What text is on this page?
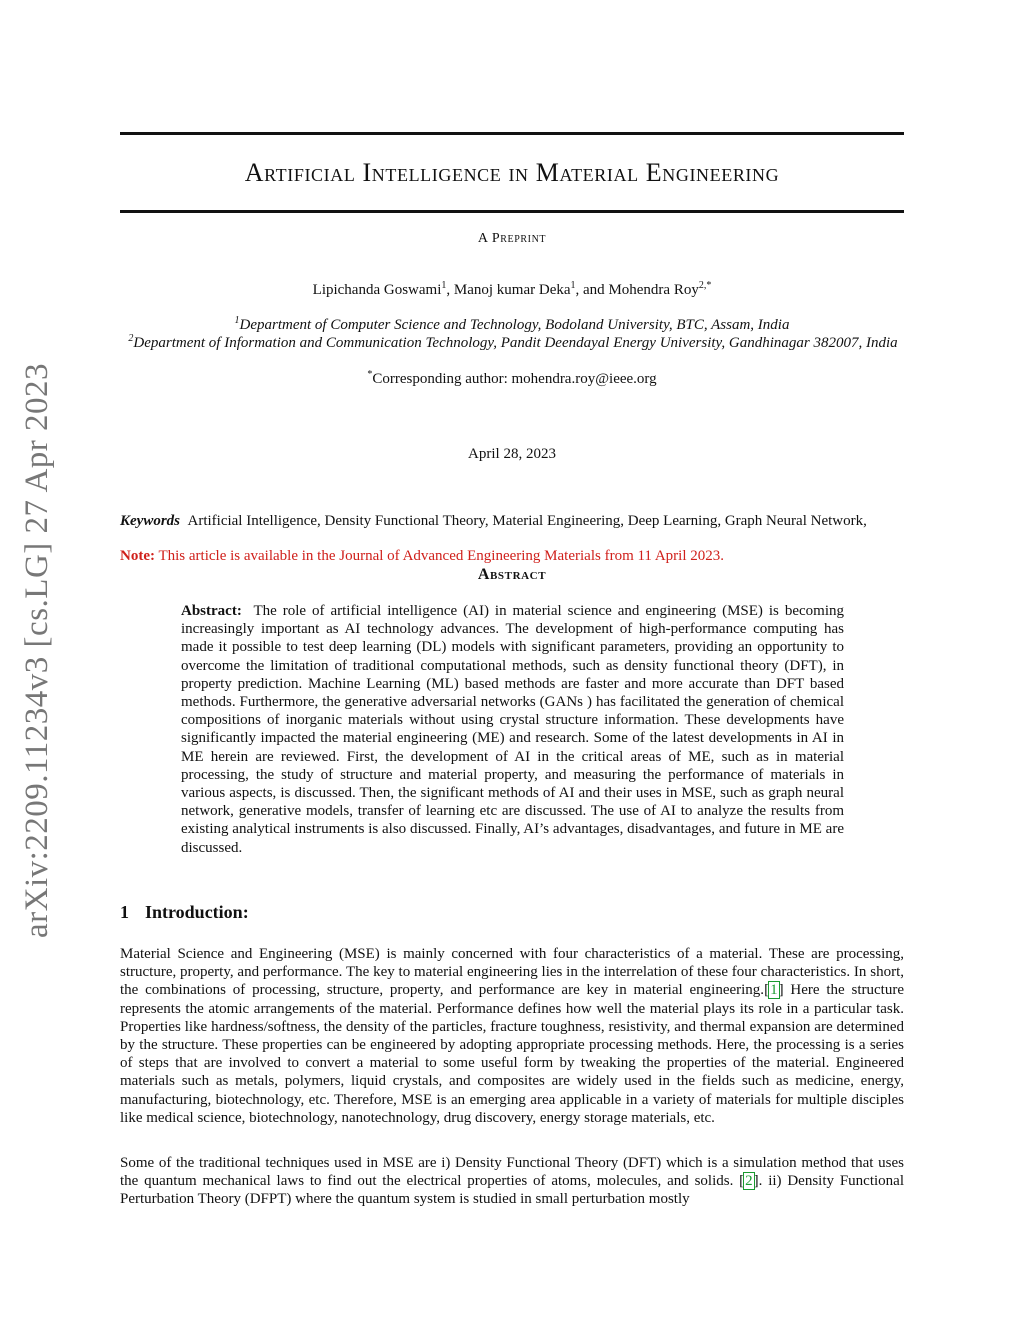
arXiv:2209.11234v3 [cs.LG] 27 Apr 2023
Artificial Intelligence in Material Engineering
A Preprint
Lipichanda Goswami$^1$, Manoj kumar Deka$^1$, and Mohendra Roy$^{2,*}$
$^1$Department of Computer Science and Technology, Bodoland University, BTC, Assam, India
$^2$Department of Information and Communication Technology, Pandit Deendayal Energy University, Gandhinagar 382007, India
*Corresponding author: mohendra.roy@ieee.org
April 28, 2023
Keywords Artificial Intelligence, Density Functional Theory, Material Engineering, Deep Learning, Graph Neural Network,
Note: This article is available in the Journal of Advanced Engineering Materials from 11 April 2023.
Abstract
Abstract: The role of artificial intelligence (AI) in material science and engineering (MSE) is becoming increasingly important as AI technology advances. The development of high-performance computing has made it possible to test deep learning (DL) models with significant parameters, providing an opportunity to overcome the limitation of traditional computational methods, such as density functional theory (DFT), in property prediction. Machine Learning (ML) based methods are faster and more accurate than DFT based methods. Furthermore, the generative adversarial networks (GANs ) has facilitated the generation of chemical compositions of inorganic materials without using crystal structure information. These developments have significantly impacted the material engineering (ME) and research. Some of the latest developments in AI in ME herein are reviewed. First, the development of AI in the critical areas of ME, such as in material processing, the study of structure and material property, and measuring the performance of materials in various aspects, is discussed. Then, the significant methods of AI and their uses in MSE, such as graph neural network, generative models, transfer of learning etc are discussed. The use of AI to analyze the results from existing analytical instruments is also discussed. Finally, AI’s advantages, disadvantages, and future in ME are discussed.
1 Introduction:
Material Science and Engineering (MSE) is mainly concerned with four characteristics of a material. These are processing, structure, property, and performance. The key to material engineering lies in the interrelation of these four characteristics. In short, the combinations of processing, structure, property, and performance are key in material engineering.[1] Here the structure represents the atomic arrangements of the material. Performance defines how well the material plays its role in a particular task. Properties like hardness/softness, the density of the particles, fracture toughness, resistivity, and thermal expansion are determined by the structure. These properties can be engineered by adopting appropriate processing methods. Here, the processing is a series of steps that are involved to convert a material to some useful form by tweaking the properties of the material. Engineered materials such as metals, polymers, liquid crystals, and composites are widely used in the fields such as medicine, energy, manufacturing, biotechnology, etc. Therefore, MSE is an emerging area applicable in a variety of materials for multiple disciples like medical science, biotechnology, nanotechnology, drug discovery, energy storage materials, etc.
Some of the traditional techniques used in MSE are i) Density Functional Theory (DFT) which is a simulation method that uses the quantum mechanical laws to find out the electrical properties of atoms, molecules, and solids. [2]. ii) Density Functional Perturbation Theory (DFPT) where the quantum system is studied in small perturbation mostly
